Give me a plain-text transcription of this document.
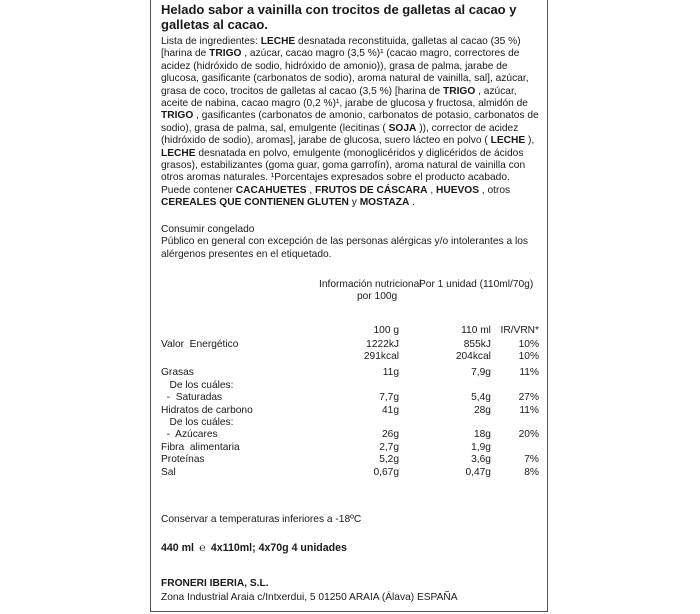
Helado sabor a vainilla con trocitos de galletas al cacao y galletas al cacao.

Lista de ingredientes: LECHE desnatada reconstituida, galletas al cacao (35 %) [harina de TRIGO , azúcar, cacao magro (3,5 %)¹ (cacao magro, correctores de acidez (hidróxido de sodio, hidróxido de amonio)), grasa de palma, jarabe de glucosa, gasificante (carbonatos de sodio), aroma natural de vainilla, sal], azúcar, grasa de coco, trocitos de galletas al cacao (3,5 %) [harina de TRIGO , azúcar, aceite de nabina, cacao magro (0,2 %)¹, jarabe de glucosa y fructosa, almidón de TRIGO , gasificantes (carbonatos de amonio, carbonatos de potasio, carbonatos de sodio), grasa de palma, sal, emulgente (lecitinas ( SOJA )), corrector de acidez (hidróxido de sodio), aromas], jarabe de glucosa, suero lácteo en polvo ( LECHE ), LECHE desnatada en polvo, emulgente (monoglicéridos y diglicéridos de ácidos grasos), estabilizantes (goma guar, goma garrofín), aroma natural de vainilla con otros aromas naturales. ¹Porcentajes expresados sobre el producto acabado. Puede contener CACAHUETES , FRUTOS DE CÁSCARA , HUEVOS , otros CEREALES QUE CONTIENEN GLUTEN y MOSTAZA .

Consumir congelado
Público en general con excepción de las personas alérgicas y/o intolerantes a los alérgenos presentes en el etiquetado.
Información nutricional
por 100g
Por 1 unidad (110ml/70g)
	100 g	110 ml	IR/VRN*
Valor  Energético	1222kJ	855kJ	10%
	291kcal	204kcal	10%
Grasas	11g	7,9g	11%
De los cuáles:			
-  Saturadas	7,7g	5,4g	27%
Hidratos de carbono	41g	28g	11%
De los cuáles:			
-  Azúcares	26g	18g	20%
Fibra  alimentaria	2,7g	1,9g	
Proteínas	5,2g	3,6g	7%
Sal	0,67g	0,47g	8%
Conservar a temperaturas inferiores a -18ºC
440 ml ℮ 4x110ml; 4x70g 4 unidades
FRONERI IBERIA, S.L.
Zona Industrial Araia c/Intxerdui, 5 01250 ARAIA (Álava) ESPAÑA
